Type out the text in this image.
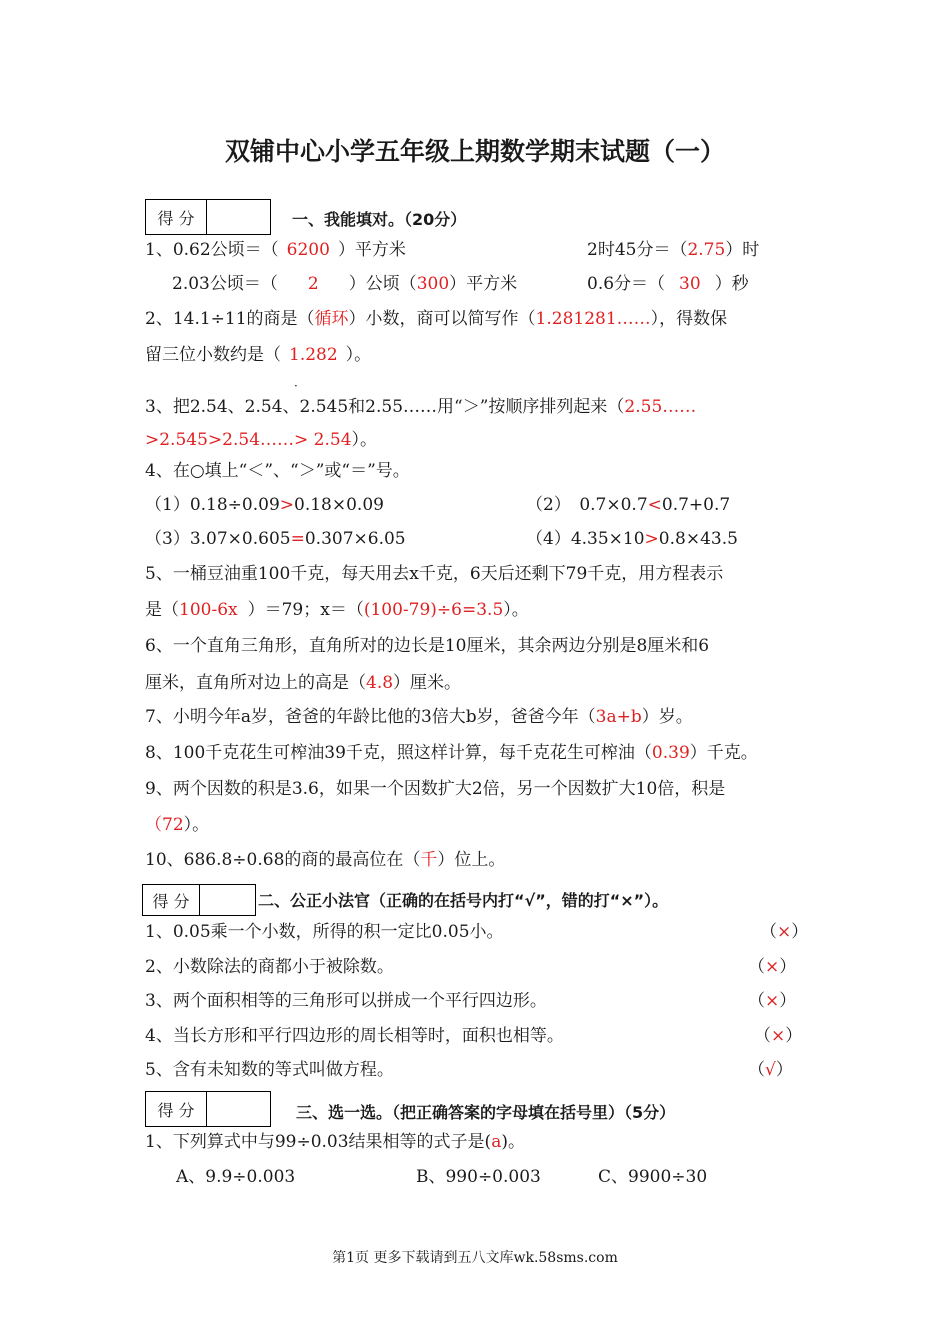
双铺中心小学五年级上期数学期末试题（一）
得 分	一、我能填对。（20分）
1、0.62公顷＝（ 6200 ）平方米	2时45分＝（2.75）时
2.03公顷＝（ 2 ）公顷（300）平方米	0.6分＝（ 30 ）秒
2、14.1÷11的商是（循环）小数，商可以简写作（1.281281……），得数保
留三位小数约是（ 1.282 ）。
·
3、把2.54、2.54、2.545和2.55……用“＞”按顺序排列起来（2.55……
>2.545>2.54……> 2.54）。
4、在○填上“＜”、“＞”或“＝”号。
（1）0.18÷0.09>0.18×0.09	（2）　0.7×0.7<0.7+0.7
（3）3.07×0.605=0.307×6.05	（4）4.35×10>0.8×43.5
5、一桶豆油重100千克，每天用去x千克，6天后还剩下79千克，用方程表示
是（100-6x ）＝79；x＝（(100-79)÷6=3.5）。
6、一个直角三角形，直角所对的边长是10厘米，其余两边分别是8厘米和6
厘米，直角所对边上的高是（4.8）厘米。
7、小明今年a岁，爸爸的年龄比他的3倍大b岁，爸爸今年（3a+b）岁。
8、100千克花生可榨油39千克，照这样计算，每千克花生可榨油（0.39）千克。
9、两个因数的积是3.6，如果一个因数扩大2倍，另一个因数扩大10倍，积是
（72）。
10、686.8÷0.68的商的最高位在（千）位上。
得 分	二、公正小法官（正确的在括号内打“√”，错的打“×”）。
1、0.05乘一个小数，所得的积一定比0.05小。	（×）
2、小数除法的商都小于被除数。	（×）
3、两个面积相等的三角形可以拼成一个平行四边形。	（×）
4、当长方形和平行四边形的周长相等时，面积也相等。	（×）
5、含有未知数的等式叫做方程。	（√）
得 分	三、选一选。（把正确答案的字母填在括号里）（5分）
1、下列算式中与99÷0.03结果相等的式子是(a)。
A、9.9÷0.003	B、990÷0.003	C、9900÷30
第1页 更多下载请到五八文库wk.58sms.com
